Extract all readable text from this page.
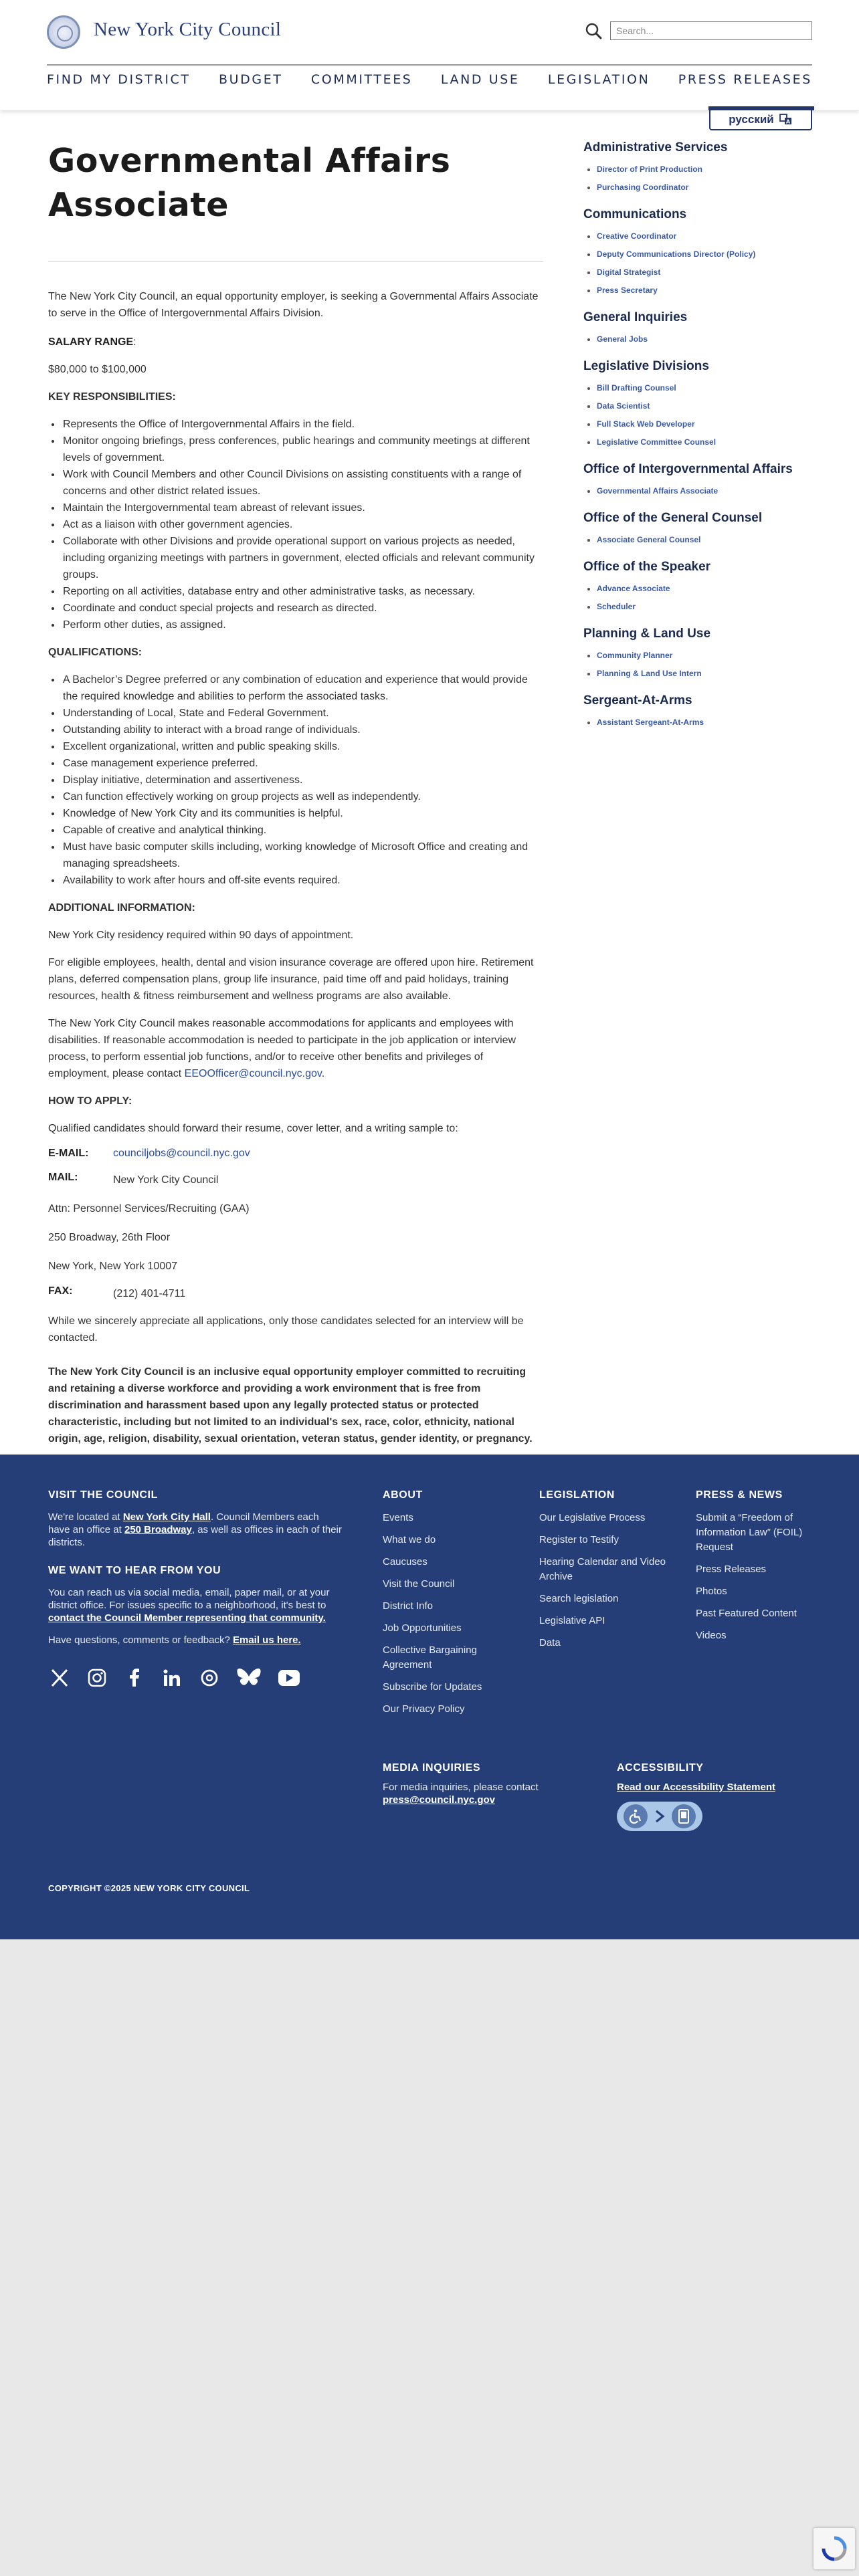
New York City Council
Search...
FIND MY DISTRICT BUDGET COMMITTEES LAND USE LEGISLATION PRESS RELEASES
русский A
Governmental Affairs Associate

The New York City Council, an equal opportunity employer, is seeking a Governmental Affairs Associate to serve in the Office of Intergovernmental Affairs Division.

SALARY RANGE:

$80,000 to $100,000

KEY RESPONSIBILITIES:

• Represents the Office of Intergovernmental Affairs in the field.
• Monitor ongoing briefings, press conferences, public hearings and community meetings at different levels of government.
• Work with Council Members and other Council Divisions on assisting constituents with a range of concerns and other district related issues.
• Maintain the Intergovernmental team abreast of relevant issues.
• Act as a liaison with other government agencies.
• Collaborate with other Divisions and provide operational support on various projects as needed, including organizing meetings with partners in government, elected officials and relevant community groups.
• Reporting on all activities, database entry and other administrative tasks, as necessary.
• Coordinate and conduct special projects and research as directed.
• Perform other duties, as assigned.

QUALIFICATIONS:

• A Bachelor’s Degree preferred or any combination of education and experience that would provide the required knowledge and abilities to perform the associated tasks.
• Understanding of Local, State and Federal Government.
• Outstanding ability to interact with a broad range of individuals.
• Excellent organizational, written and public speaking skills.
• Case management experience preferred.
• Display initiative, determination and assertiveness.
• Can function effectively working on group projects as well as independently.
• Knowledge of New York City and its communities is helpful.
• Capable of creative and analytical thinking.
• Must have basic computer skills including, working knowledge of Microsoft Office and creating and managing spreadsheets.
• Availability to work after hours and off-site events required.

ADDITIONAL INFORMATION:

New York City residency required within 90 days of appointment.

For eligible employees, health, dental and vision insurance coverage are offered upon hire. Retirement plans, deferred compensation plans, group life insurance, paid time off and paid holidays, training resources, health & fitness reimbursement and wellness programs are also available.

The New York City Council makes reasonable accommodations for applicants and employees with disabilities. If reasonable accommodation is needed to participate in the job application or interview process, to perform essential job functions, and/or to receive other benefits and privileges of employment, please contact EEOOfficer@council.nyc.gov.

HOW TO APPLY:

Qualified candidates should forward their resume, cover letter, and a writing sample to:

E-MAIL:	counciljobs@council.nyc.gov
MAIL:	New York City Council

Attn: Personnel Services/Recruiting (GAA)

250 Broadway, 26th Floor

New York, New York 10007

FAX:	(212) 401-4711

While we sincerely appreciate all applications, only those candidates selected for an interview will be contacted.

The New York City Council is an inclusive equal opportunity employer committed to recruiting and retaining a diverse workforce and providing a work environment that is free from discrimination and harassment based upon any legally protected status or protected characteristic, including but not limited to an individual's sex, race, color, ethnicity, national origin, age, religion, disability, sexual orientation, veteran status, gender identity, or pregnancy.

Administrative Services
• Director of Print Production
• Purchasing Coordinator
Communications
• Creative Coordinator
• Deputy Communications Director (Policy)
• Digital Strategist
• Press Secretary
General Inquiries
• General Jobs
Legislative Divisions
• Bill Drafting Counsel
• Data Scientist
• Full Stack Web Developer
• Legislative Committee Counsel
Office of Intergovernmental Affairs
• Governmental Affairs Associate
Office of the General Counsel
• Associate General Counsel
Office of the Speaker
• Advance Associate
• Scheduler
Planning & Land Use
• Community Planner
• Planning & Land Use Intern
Sergeant-At-Arms
• Assistant Sergeant-At-Arms
VISIT THE COUNCIL

We're located at New York City Hall. Council Members each have an office at 250 Broadway, as well as offices in each of their districts.

WE WANT TO HEAR FROM YOU

You can reach us via social media, email, paper mail, or at your district office. For issues specific to a neighborhood, it's best to contact the Council Member representing that community.

Have questions, comments or feedback? Email us here.

ABOUT
Events
What we do
Caucuses
Visit the Council
District Info
Job Opportunities
Collective Bargaining Agreement
Subscribe for Updates
Our Privacy Policy
LEGISLATION
Our Legislative Process
Register to Testify
Hearing Calendar and Video Archive
Search legislation
Legislative API
Data
PRESS & NEWS
Submit a “Freedom of Information Law” (FOIL) Request
Press Releases
Photos
Past Featured Content
Videos
MEDIA INQUIRIES

For media inquiries, please contact

press@council.nyc.gov
ACCESSIBILITY
Read our Accessibility Statement
COPYRIGHT ©2025 NEW YORK CITY COUNCIL
